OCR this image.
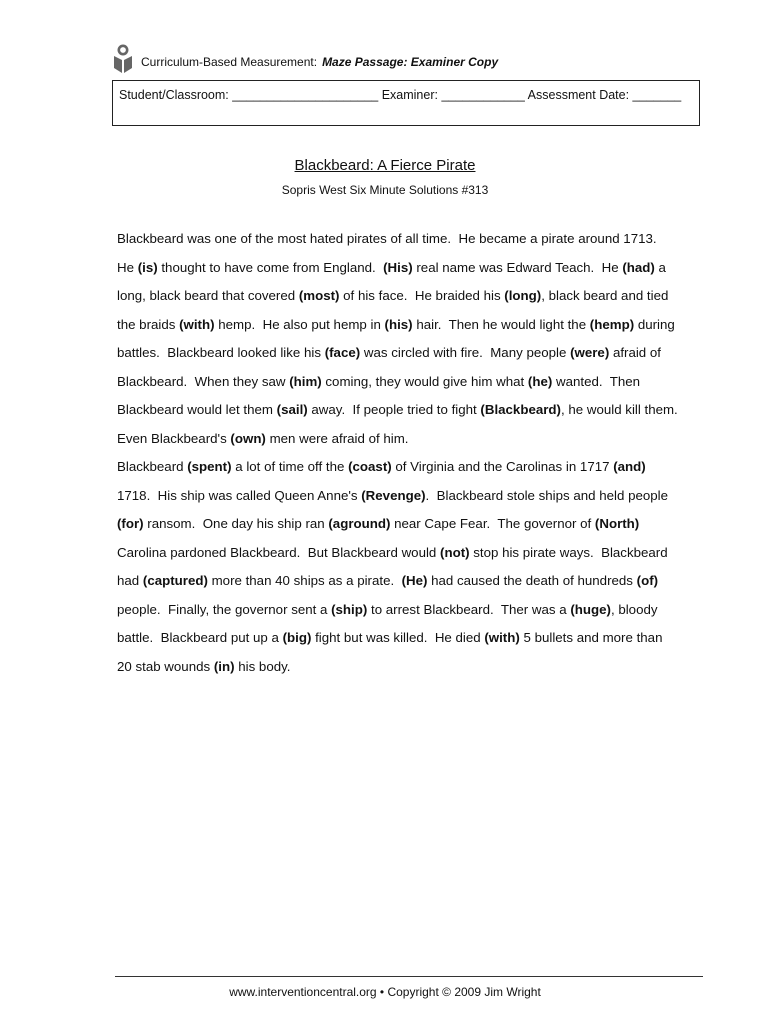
Curriculum-Based Measurement: Maze Passage: Examiner Copy
Student/Classroom: _____________________ Examiner: ____________ Assessment Date: _______
Blackbeard: A Fierce Pirate
Sopris West Six Minute Solutions #313
Blackbeard was one of the most hated pirates of all time.  He became a pirate around 1713.
He (is) thought to have come from England.  (His) real name was Edward Teach.  He (had) a
long, black beard that covered (most) of his face.  He braided his (long), black beard and tied
the braids (with) hemp.  He also put hemp in (his) hair.  Then he would light the (hemp) during
battles.  Blackbeard looked like his (face) was circled with fire.  Many people (were) afraid of
Blackbeard.  When they saw (him) coming, they would give him what (he) wanted.  Then
Blackbeard would let them (sail) away.  If people tried to fight (Blackbeard), he would kill them.
Even Blackbeard's (own) men were afraid of him.
Blackbeard (spent) a lot of time off the (coast) of Virginia and the Carolinas in 1717 (and)
1718.  His ship was called Queen Anne's (Revenge).  Blackbeard stole ships and held people
(for) ransom.  One day his ship ran (aground) near Cape Fear.  The governor of (North)
Carolina pardoned Blackbeard.  But Blackbeard would (not) stop his pirate ways.  Blackbeard
had (captured) more than 40 ships as a pirate.  (He) had caused the death of hundreds (of)
people.  Finally, the governor sent a (ship) to arrest Blackbeard.  Ther was a (huge), bloody
battle.  Blackbeard put up a (big) fight but was killed.  He died (with) 5 bullets and more than
20 stab wounds (in) his body.
www.interventioncentral.org • Copyright © 2009 Jim Wright
